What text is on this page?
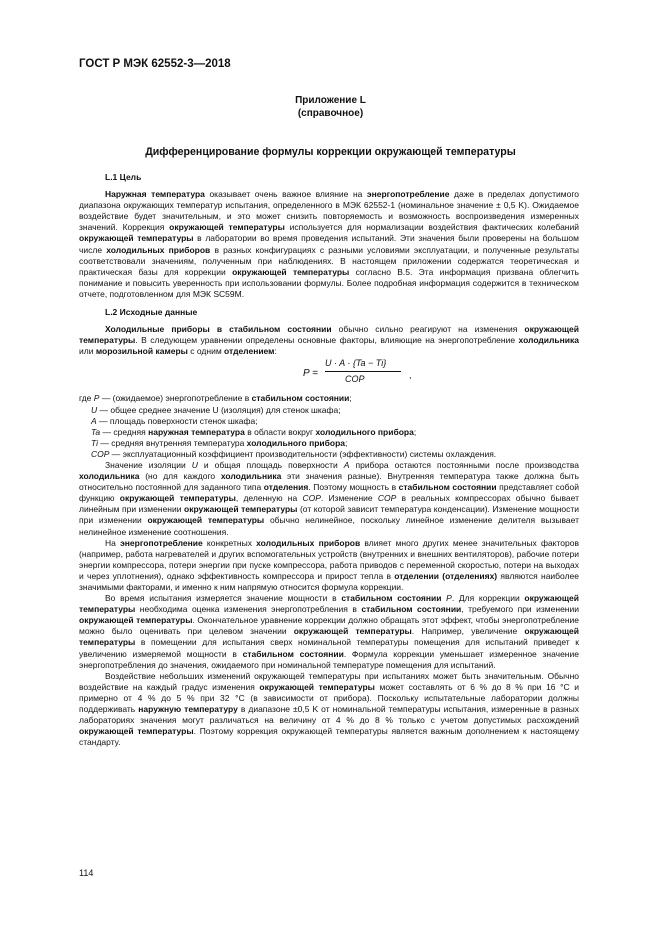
ГОСТ Р МЭК 62552-3—2018
Приложение L
(справочное)
Дифференцирование формулы коррекции окружающей температуры
L.1 Цель

Наружная температура оказывает очень важное влияние на энергопотребление даже в пределах допустимого диапазона окружающих температур испытания, определенного в МЭК 62552-1 (номинальное значение ± 0,5 K). Ожидаемое воздействие будет значительным, и это может снизить повторяемость и возможность воспроизведения измеренных значений. Коррекция окружающей температуры используется для нормализации воздействия фактических колебаний окружающей температуры в лаборатории во время проведения испытаний. Эти значения были проверены на большом числе холодильных приборов в разных конфигурациях с разными условиями эксплуатации, и полученные результаты соответствовали значениям, полученным при наблюдениях. В настоящем приложении содержатся теоретическая и практическая базы для коррекции окружающей температуры согласно B.5. Эта информация призвана облегчить понимание и повысить уверенность при использовании формулы. Более подробная информация содержится в техническом отчете, подготовленном для МЭК SC59M.

L.2 Исходные данные

Холодильные приборы в стабильном состоянии обычно сильно реагируют на изменения окружающей температуры. В следующем уравнении определены основные факторы, влияющие на энергопотребление холодильника или морозильной камеры с одним отделением:

P =
U · A · {Ta − Ti}
COP	,

где P — (ожидаемое) энергопотребление в стабильном состоянии;

U — общее среднее значение U (изоляция) для стенок шкафа;

A — площадь поверхности стенок шкафа;

Ta — средняя наружная температура в области вокруг холодильного прибора;

Ti — средняя внутренняя температура холодильного прибора;

COP — эксплуатационный коэффициент производительности (эффективности) системы охлаждения.

Значение изоляции U и общая площадь поверхности A прибора остаются постоянными после производства холодильника (но для каждого холодильника эти значения разные). Внутренняя температура также должна быть относительно постоянной для заданного типа отделения. Поэтому мощность в стабильном состоянии представляет собой функцию окружающей температуры, деленную на COP. Изменение COP в реальных компрессорах обычно бывает линейным при изменении окружающей температуры (от которой зависит температура конденсации). Изменение мощности при изменении окружающей температуры обычно нелинейное, поскольку линейное изменение делителя вызывает нелинейное изменение соотношения.

На энергопотребление конкретных холодильных приборов влияет много других менее значительных факторов (например, работа нагревателей и других вспомогательных устройств (внутренних и внешних вентиляторов), рабочие потери энергии компрессора, потери энергии при пуске компрессора, работа приводов с переменной скоростью, потери на выходах и через уплотнения), однако эффективность компрессора и прирост тепла в отделении (отделениях) являются наиболее значимыми факторами, и именно к ним напрямую относится формула коррекции.

Во время испытания измеряется значение мощности в стабильном состоянии P. Для коррекции окружающей температуры необходима оценка изменения энергопотребления в стабильном состоянии, требуемого при изменении окружающей температуры. Окончательное уравнение коррекции должно обращать этот эффект, чтобы энергопотребление можно было оценивать при целевом значении окружающей температуры. Например, увеличение окружающей температуры в помещении для испытания сверх номинальной температуры помещения для испытаний приведет к увеличению измеряемой мощности в стабильном состоянии. Формула коррекции уменьшает измеренное значение энергопотребления до значения, ожидаемого при номинальной температуре помещения для испытаний.

Воздействие небольших изменений окружающей температуры при испытаниях может быть значительным. Обычно воздействие на каждый градус изменения окружающей температуры может составлять от 6 % до 8 % при 16 °C и примерно от 4 % до 5 % при 32 °C (в зависимости от прибора). Поскольку испытательные лаборатории должны поддерживать наружную температуру в диапазоне ±0,5 K от номинальной температуры испытания, измеренные в разных лабораториях значения могут различаться на величину от 4 % до 8 % только с учетом допустимых расхождений окружающей температуры. Поэтому коррекция окружающей температуры является важным дополнением к настоящему стандарту.

114
